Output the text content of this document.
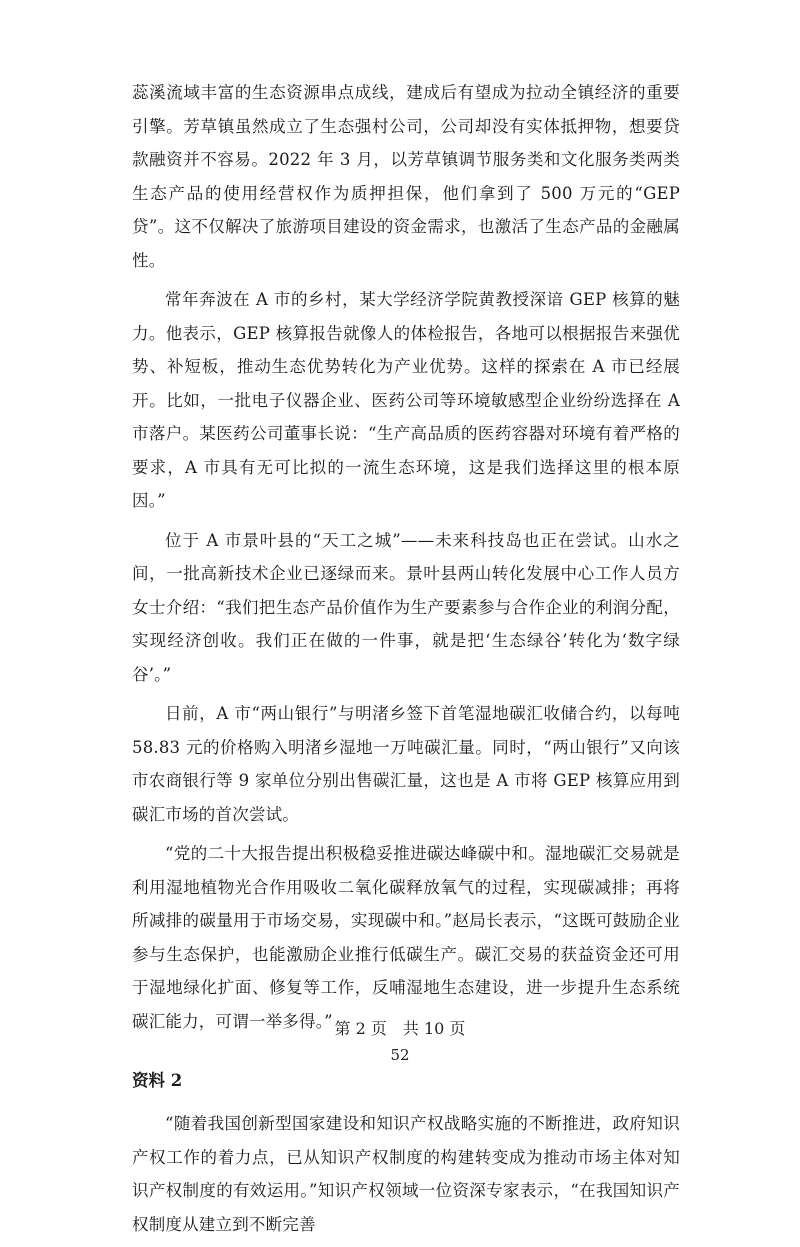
蕊溪流域丰富的生态资源串点成线，建成后有望成为拉动全镇经济的重要引擎。芳草镇虽然成立了生态强村公司，公司却没有实体抵押物，想要贷款融资并不容易。2022 年 3 月，以芳草镇调节服务类和文化服务类两类生态产品的使用经营权作为质押担保，他们拿到了 500 万元的“GEP 贷”。这不仅解决了旅游项目建设的资金需求，也激活了生态产品的金融属性。

常年奔波在 A 市的乡村，某大学经济学院黄教授深谙 GEP 核算的魅力。他表示，GEP 核算报告就像人的体检报告，各地可以根据报告来强优势、补短板，推动生态优势转化为产业优势。这样的探索在 A 市已经展开。比如，一批电子仪器企业、医药公司等环境敏感型企业纷纷选择在 A 市落户。某医药公司董事长说：“生产高品质的医药容器对环境有着严格的要求，A 市具有无可比拟的一流生态环境，这是我们选择这里的根本原因。”

位于 A 市景叶县的“天工之城”——未来科技岛也正在尝试。山水之间，一批高新技术企业已逐绿而来。景叶县两山转化发展中心工作人员方女士介绍：“我们把生态产品价值作为生产要素参与合作企业的利润分配，实现经济创收。我们正在做的一件事，就是把‘生态绿谷’转化为‘数字绿谷’。”

日前，A 市“两山银行”与明渚乡签下首笔湿地碳汇收储合约，以每吨 58.83 元的价格购入明渚乡湿地一万吨碳汇量。同时，“两山银行”又向该市农商银行等 9 家单位分别出售碳汇量，这也是 A 市将 GEP 核算应用到碳汇市场的首次尝试。

“党的二十大报告提出积极稳妥推进碳达峰碳中和。湿地碳汇交易就是利用湿地植物光合作用吸收二氧化碳释放氧气的过程，实现碳减排；再将所减排的碳量用于市场交易，实现碳中和。”赵局长表示，“这既可鼓励企业参与生态保护，也能激励企业推行低碳生产。碳汇交易的获益资金还可用于湿地绿化扩面、修复等工作，反哺湿地生态建设，进一步提升生态系统碳汇能力，可谓一举多得。”

资料 2

“随着我国创新型国家建设和知识产权战略实施的不断推进，政府知识产权工作的着力点，已从知识产权制度的构建转变成为推动市场主体对知识产权制度的有效运用。”知识产权领域一位资深专家表示，“在我国知识产权制度从建立到不断完善

第 2 页　共 10 页
52
